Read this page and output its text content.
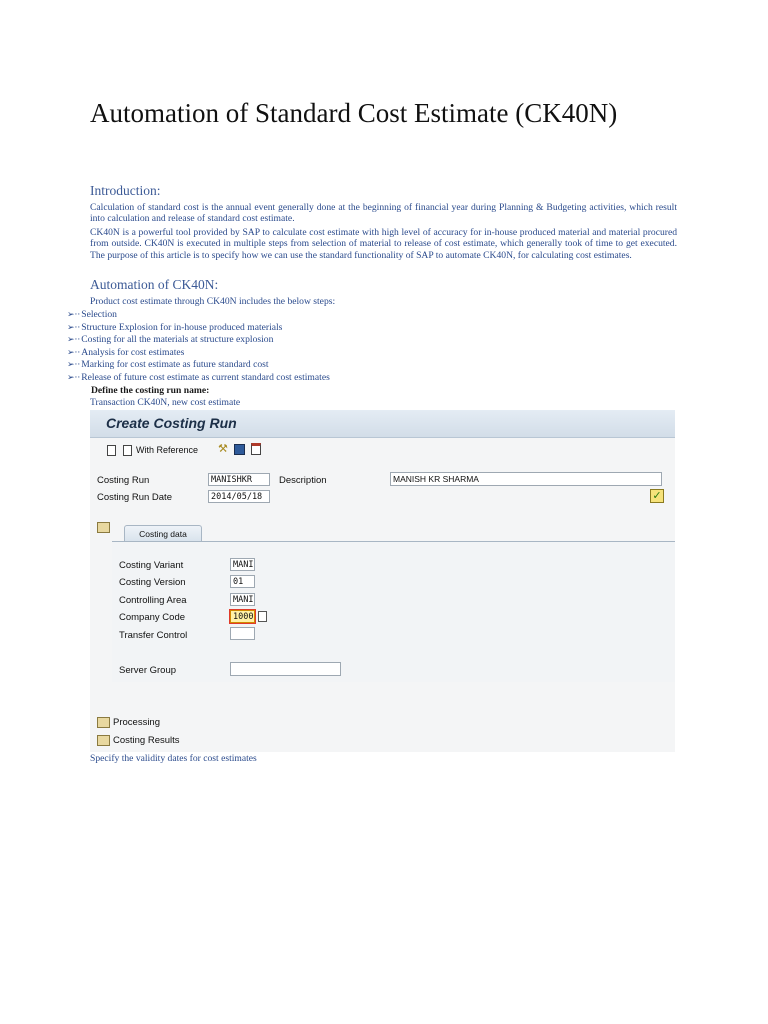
Automation of Standard Cost Estimate (CK40N)
Introduction:
Calculation of standard cost is the annual event generally done at the beginning of financial year during Planning & Budgeting activities, which result into calculation and release of standard cost estimate.
CK40N is a powerful tool provided by SAP to calculate cost estimate with high level of accuracy for in-house produced material and material procured from outside. CK40N is executed in multiple steps from selection of material to release of cost estimate, which generally took of time to get executed. The purpose of this article is to specify how we can use the standard functionality of SAP to automate CK40N, for calculating cost estimates.
Automation of CK40N:
Product cost estimate through CK40N includes the below steps:
➢··Selection
➢··Structure Explosion for in-house produced materials
➢··Costing for all the materials at structure explosion
➢··Analysis for cost estimates
➢··Marking for cost estimate as future standard cost
➢··Release of future cost estimate as current standard cost estimates
Define the costing run name:
Transaction CK40N, new cost estimate
Create Costing Run
With Reference ⚒
Costing Run	MANISHKR	Description	MANISH KR SHARMA
Costing Run Date	2014/05/18	✓
Costing data
Costing Variant	MANI
Costing Version	01
Controlling Area	MANI
Company Code	1000
Transfer Control
Server Group
Processing
Costing Results
Specify the validity dates for cost estimates
